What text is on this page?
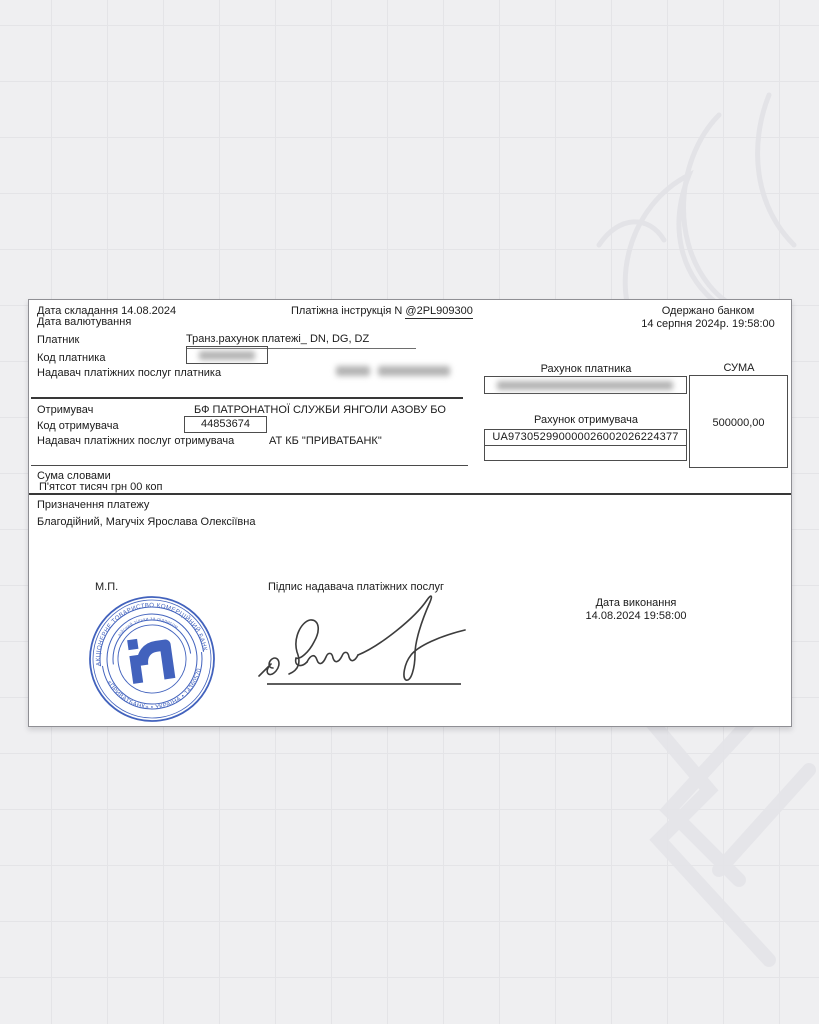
Дата складання 14.08.2024
Дата валютування
Платіжна інструкція N @2PL909300	Одержано банком
14 серпня 2024р. 19:58:00
Платник	Транз.рахунок платежі_ DN, DG, DZ
Код платника
Надавач платіжних послуг платника
	Рахунок платника	СУМА
500000,00
Отримувач	БФ ПАТРОНАТНОЇ СЛУЖБИ ЯНГОЛИ АЗОВУ БО
Код отримувача	44853674
Надавач платіжних послуг отримувача	АТ КБ "ПРИВАТБАНК"
Рахунок отримувача
UA973052990000026002026224377
Сума словами
П'ятсот тисяч грн 00 коп
Призначення платежу
Благодійний, Магучіх Ярослава Олексіївна
М.П.
АКЦІОНЕРНЕ ТОВАРИСТВО КОМЕРЦІЙНИЙ БАНК
«ПРИВАТБАНК» • УКРАЇНА • 14360570
дійсний тільки за підписом
Підпис надавача платіжних послуг
Дата виконання
14.08.2024 19:58:00
